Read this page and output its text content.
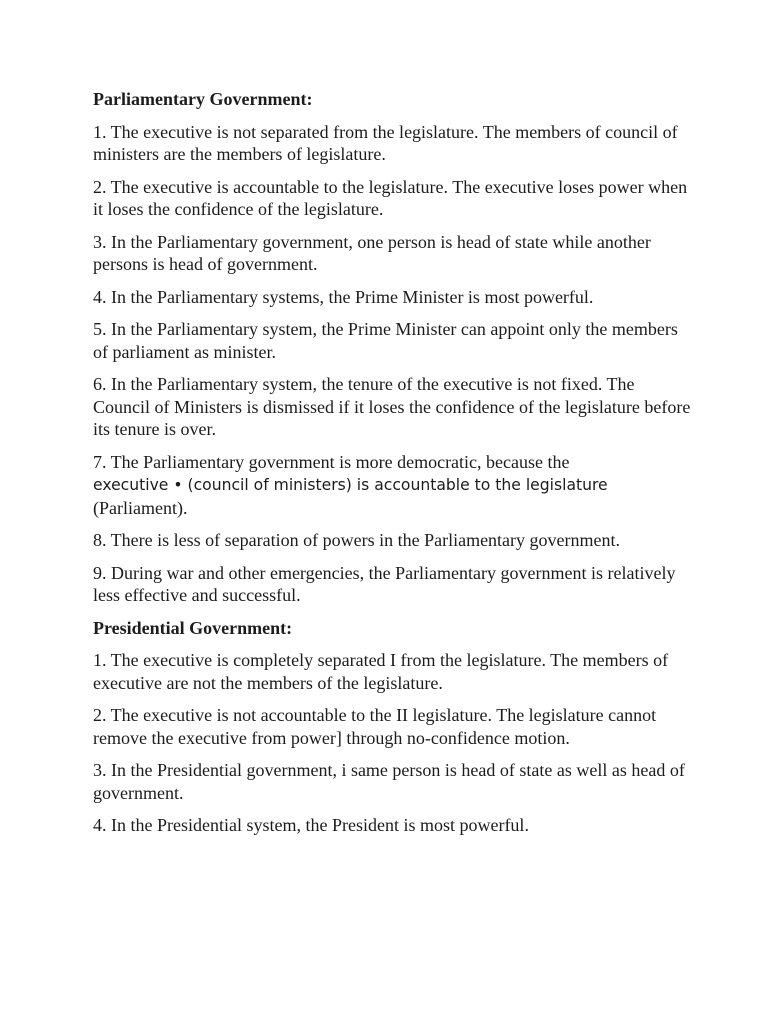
Parliamentary Government:
1. The executive is not separated from the legislature. The members of council of ministers are the members of legislature.
2. The executive is accountable to the legislature. The executive loses power when it loses the confidence of the legislature.
3. In the Parliamentary government, one person is head of state while another persons is head of government.
4. In the Parliamentary systems, the Prime Minister is most powerful.
5. In the Parliamentary system, the Prime Minister can appoint only the members of parliament as minister.
6. In the Parliamentary system, the tenure of the executive is not fixed. The Council of Ministers is dismissed if it loses the confidence of the legislature before its tenure is over.
7. The Parliamentary government is more democratic, because the
executive • (council of ministers) is accountable to the legislature
(Parliament).
8. There is less of separation of powers in the Parliamentary government.
9. During war and other emergencies, the Parliamentary government is relatively less effective and successful.
Presidential Government:
1. The executive is completely separated I from the legislature. The members of executive are not the members of the legislature.
2. The executive is not accountable to the II legislature. The legislature cannot remove the executive from power] through no-confidence motion.
3. In the Presidential government, i same person is head of state as well as head of government.
4. In the Presidential system, the President is most powerful.
